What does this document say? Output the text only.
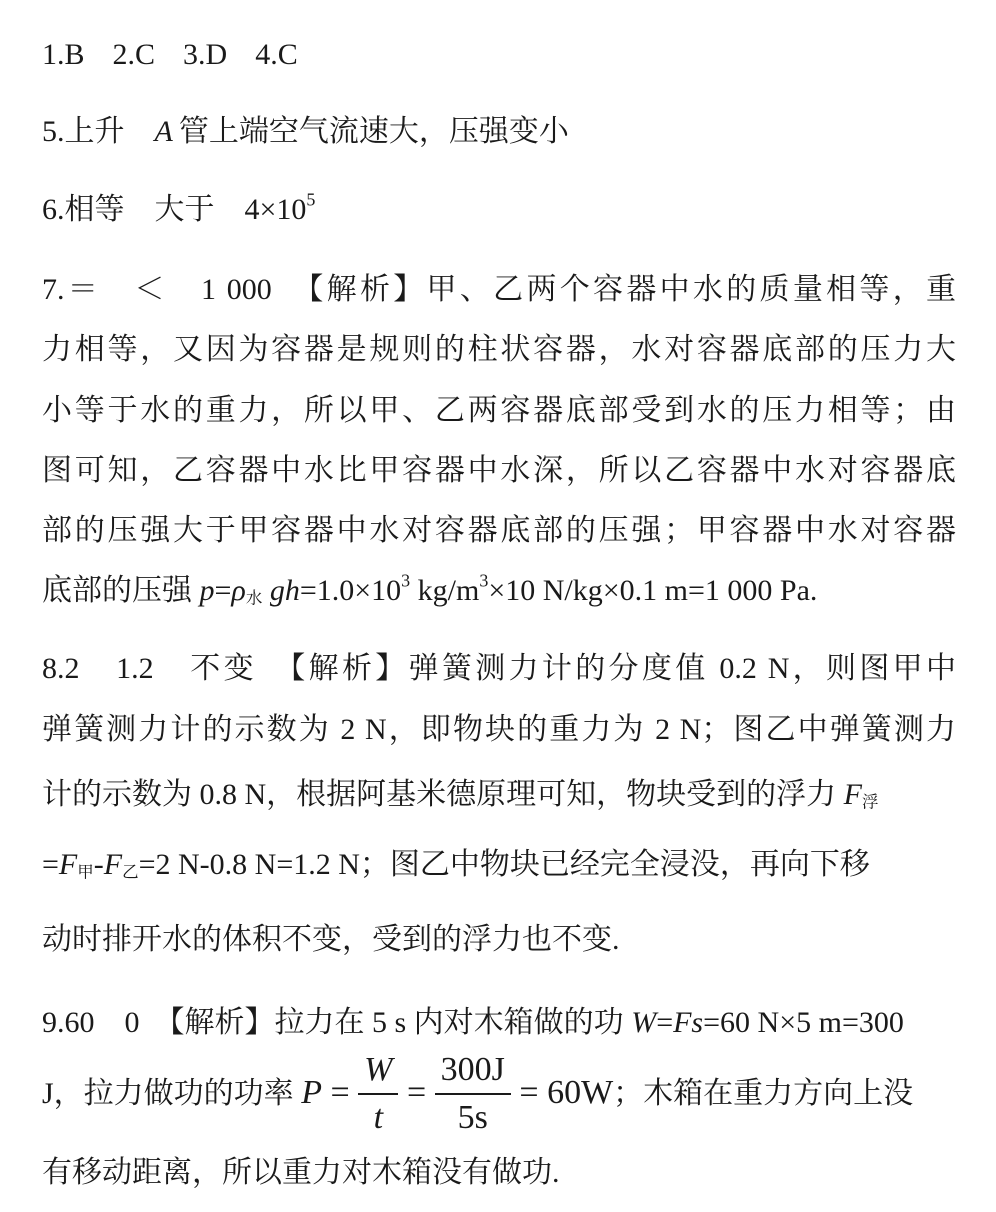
1.B 2.C 3.D 4.C
5.上升 A 管上端空气流速大，压强变小
6.相等 大于 $4\times 10^5$
7.＝　＜　1 000　【解析】甲、乙两个容器中水的质量相等，重
力相等，又因为容器是规则的柱状容器，水对容器底部的压力大
小等于水的重力，所以甲、乙两容器底部受到水的压力相等；由
图可知，乙容器中水比甲容器中水深，所以乙容器中水对容器底
部的压强大于甲容器中水对容器底部的压强；甲容器中水对容器
底部的压强 p=ρ水 $gh=1.0\times 10^3$ $kg/m^3\times 10$ N/kg×0.1 m=1 000 Pa.
8.2　1.2　不变　【解析】弹簧测力计的分度值 0.2 N，则图甲中
弹簧测力计的示数为 2 N，即物块的重力为 2 N；图乙中弹簧测力
计的示数为 0.8 N，根据阿基米德原理可知，物块受到的浮力 F浮
=F甲-F乙=2 N-0.8 N=1.2 N；图乙中物块已经完全浸没，再向下移
动时排开水的体积不变，受到的浮力也不变.
9.60　0　【解析】拉力在 5 s 内对木箱做的功 W=Fs=60 N×5 m=300
J，拉力做功的功率 $P = \frac{W}{t} = \frac{300J}{5s} = 60W$；木箱在重力方向上没
有移动距离，所以重力对木箱没有做功.
